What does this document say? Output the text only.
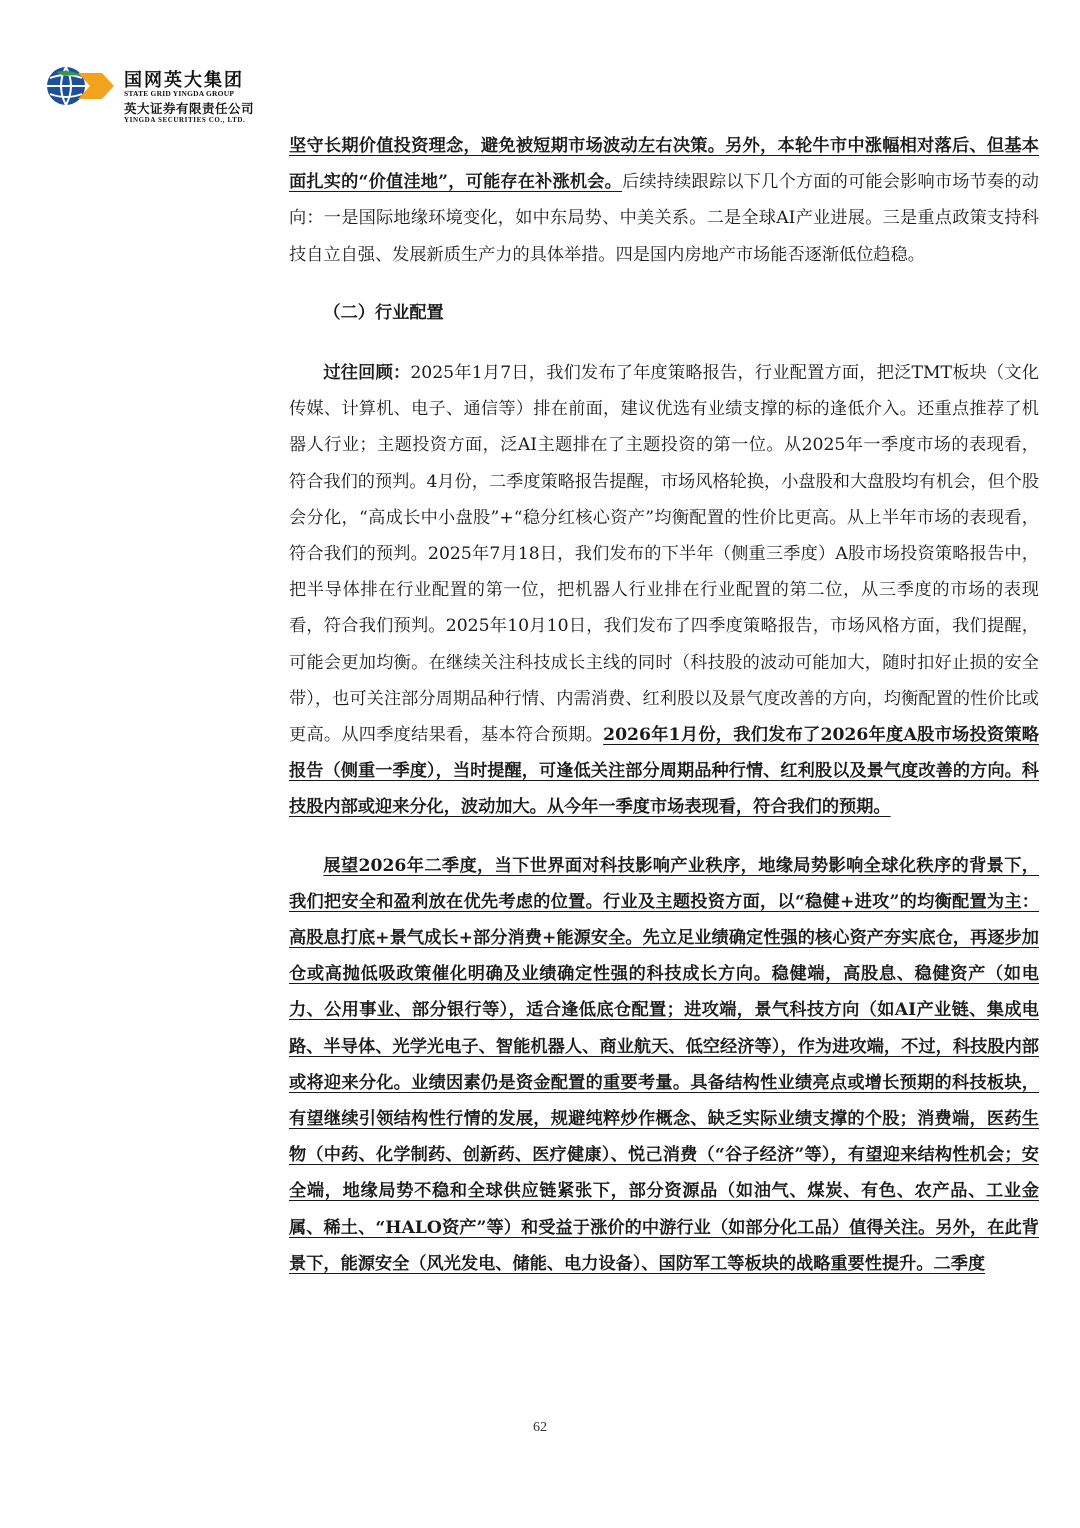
国网英大集团
STATE GRID YINGDA GROUP
英大证券有限责任公司
YINGDA SECURITIES CO., LTD.

坚守长期价值投资理念，避免被短期市场波动左右决策。另外，本轮牛市中涨幅相对落后、但基本面扎实的“价值洼地”，可能存在补涨机会。后续持续跟踪以下几个方面的可能会影响市场节奏的动向：一是国际地缘环境变化，如中东局势、中美关系。二是全球AI产业进展。三是重点政策支持科技自立自强、发展新质生产力的具体举措。四是国内房地产市场能否逐渐低位趋稳。

（二）行业配置

过往回顾：2025年1月7日，我们发布了年度策略报告，行业配置方面，把泛TMT板块（文化传媒、计算机、电子、通信等）排在前面，建议优选有业绩支撑的标的逢低介入。还重点推荐了机器人行业；主题投资方面，泛AI主题排在了主题投资的第一位。从2025年一季度市场的表现看，符合我们的预判。4月份，二季度策略报告提醒，市场风格轮换，小盘股和大盘股均有机会，但个股会分化，“高成长中小盘股”+“稳分红核心资产”均衡配置的性价比更高。从上半年市场的表现看，符合我们的预判。2025年7月18日，我们发布的下半年（侧重三季度）A股市场投资策略报告中，把半导体排在行业配置的第一位，把机器人行业排在行业配置的第二位，从三季度的市场的表现看，符合我们预判。2025年10月10日，我们发布了四季度策略报告，市场风格方面，我们提醒，可能会更加均衡。在继续关注科技成长主线的同时（科技股的波动可能加大，随时扣好止损的安全带），也可关注部分周期品种行情、内需消费、红利股以及景气度改善的方向，均衡配置的性价比或更高。从四季度结果看，基本符合预期。2026年1月份，我们发布了2026年度A股市场投资策略报告（侧重一季度），当时提醒，可逢低关注部分周期品种行情、红利股以及景气度改善的方向。科技股内部或迎来分化，波动加大。从今年一季度市场表现看，符合我们的预期。

展望2026年二季度，当下世界面对科技影响产业秩序，地缘局势影响全球化秩序的背景下，我们把安全和盈利放在优先考虑的位置。行业及主题投资方面，以“稳健+进攻”的均衡配置为主：高股息打底+景气成长+部分消费+能源安全。先立足业绩确定性强的核心资产夯实底仓，再逐步加仓或高抛低吸政策催化明确及业绩确定性强的科技成长方向。稳健端，高股息、稳健资产（如电力、公用事业、部分银行等），适合逢低底仓配置；进攻端，景气科技方向（如AI产业链、集成电路、半导体、光学光电子、智能机器人、商业航天、低空经济等），作为进攻端，不过，科技股内部或将迎来分化。业绩因素仍是资金配置的重要考量。具备结构性业绩亮点或增长预期的科技板块，有望继续引领结构性行情的发展，规避纯粹炒作概念、缺乏实际业绩支撑的个股；消费端，医药生物（中药、化学制药、创新药、医疗健康）、悦己消费（“谷子经济”等），有望迎来结构性机会；安全端，地缘局势不稳和全球供应链紧张下，部分资源品（如油气、煤炭、有色、农产品、工业金属、稀土、“HALO资产”等）和受益于涨价的中游行业（如部分化工品）值得关注。另外，在此背景下，能源安全（风光发电、储能、电力设备）、国防军工等板块的战略重要性提升。二季度

62
